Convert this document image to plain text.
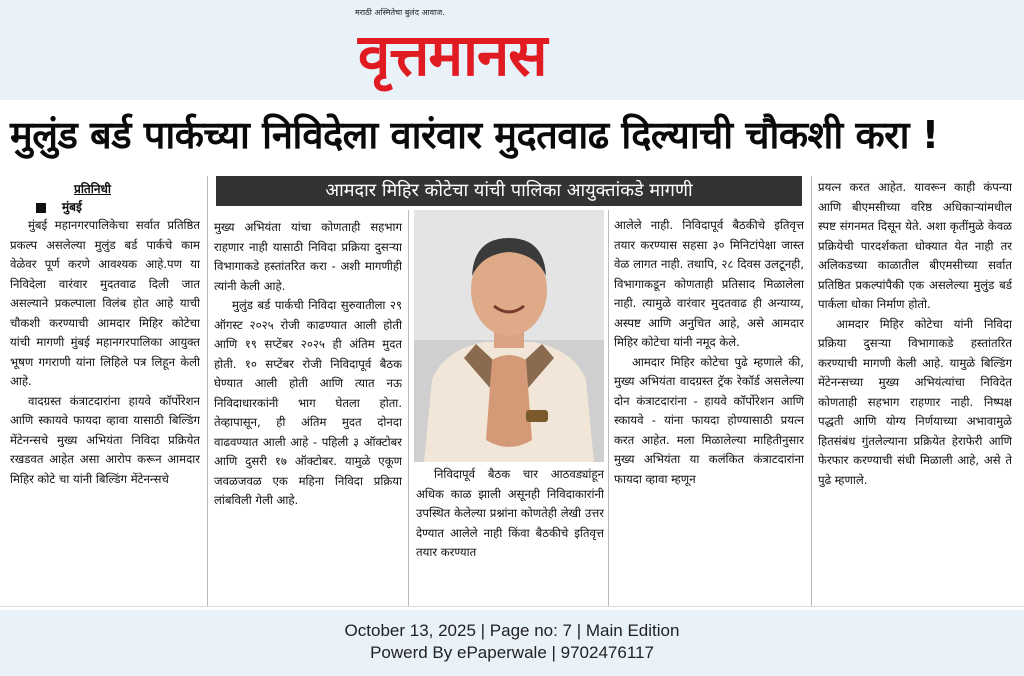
मराठी अस्मितेचा बुलंद आवाज.
वृत्तमानस
मुलुंड बर्ड पार्कच्या निविदेला वारंवार मुदतवाढ दिल्याची चौकशी करा !
आमदार मिहिर कोटेचा यांची पालिका आयुक्तांकडे मागणी
प्रतिनिधी
मुंबई

मुंबई महानगरपालिकेचा सर्वात प्रतिष्ठित प्रकल्प असलेल्या मुलुंड बर्ड पार्कचे काम वेळेवर पूर्ण करणे आवश्यक आहे.पण या निविदेला वारंवार मुदतवाढ दिली जात असल्याने प्रकल्पाला विलंब होत आहे याची चौकशी करण्याची आमदार मिहिर कोटेचा यांची मागणी मुंबई महानगरपालिका आयुक्त भूषण गगराणी यांना लिहिले पत्र लिहून केली आहे.

वादग्रस्त कंत्राटदारांना हायवे कॉर्पोरेशन आणि स्कायवे फायदा व्हावा यासाठी बिल्डिंग मेंटेनन्सचे मुख्य अभियंता निविदा प्रक्रियेत रखडवत आहेत असा आरोप करून आमदार मिहिर कोटे चा यांनी बिल्डिंग मेंटेनन्सचे

मुख्य अभियंता यांचा कोणताही सहभाग राहणार नाही यासाठी निविदा प्रक्रिया दुसऱ्या विभागाकडे हस्तांतरित करा - अशी मागणीही त्यांनी केली आहे.

मुलुंड बर्ड पार्कची निविदा सुरुवातीला २९ ऑगस्ट २०२५ रोजी काढण्यात आली होती आणि १९ सप्टेंबर २०२५ ही अंतिम मुदत होती. १० सप्टेंबर रोजी निविदापूर्व बैठक घेण्यात आली होती आणि त्यात नऊ निविदाधारकांनी भाग घेतला होता. तेव्हापासून, ही अंतिम मुदत दोनदा वाढवण्यात आली आहे - पहिली ३ ऑक्टोबर आणि दुसरी १७ ऑक्टोबर. यामुळे एकूण जवळजवळ एक महिना निविदा प्रक्रिया लांबविली गेली आहे.

निविदापूर्व बैठक चार आठवड्यांहून अधिक काळ झाली असूनही निविदाकारांनी उपस्थित केलेल्या प्रश्नांना कोणतेही लेखी उत्तर देण्यात आलेले नाही किंवा बैठकीचे इतिवृत्त तयार करण्यात

आलेले नाही. निविदापूर्व बैठकीचे इतिवृत्त तयार करण्यास सहसा ३० मिनिटांपेक्षा जास्त वेळ लागत नाही. तथापि, २८ दिवस उलटूनही, विभागाकडून कोणताही प्रतिसाद मिळालेला नाही. त्यामुळे वारंवार मुदतवाढ ही अन्याय्य, अस्पष्ट आणि अनुचित आहे, असे आमदार मिहिर कोटेचा यांनी नमूद केले.

आमदार मिहिर कोटेचा पुढे म्हणाले की, मुख्य अभियंता वादग्रस्त ट्रॅक रेकॉर्ड असलेल्या दोन कंत्राटदारांना - हायवे कॉर्पोरेशन आणि स्कायवे - यांना फायदा होण्यासाठी प्रयत्न करत आहेत. मला मिळालेल्या माहितीनुसार मुख्य अभियंता या कलंकित कंत्राटदारांना फायदा व्हावा म्हणून

प्रयत्न करत आहेत. यावरून काही कंपन्या आणि बीएमसीच्या वरिष्ठ अधिकाऱ्यांमधील स्पष्ट संगनमत दिसून येते. अशा कृतींमुळे केवळ प्रक्रियेची पारदर्शकता धोक्यात येत नाही तर अलिकडच्या काळातील बीएमसीच्या सर्वात प्रतिष्ठित प्रकल्पांपैकी एक असलेल्या मुलुंड बर्ड पार्कला धोका निर्माण होतो.

आमदार मिहिर कोटेचा यांनी निविदा प्रक्रिया दुसऱ्या विभागाकडे हस्तांतरित करण्याची मागणी केली आहे. यामुळे बिल्डिंग मेंटेनन्सच्या मुख्य अभियंत्यांचा निविदेत कोणताही सहभाग राहणार नाही. निष्पक्ष पद्धती आणि योग्य निर्णयाच्या अभावामुळे हितसंबंध गुंतलेल्याना प्रक्रियेत हेराफेरी आणि फेरफार करण्याची संधी मिळाली आहे, असे ते पुढे म्हणाले.

October 13, 2025 | Page no: 7 | Main Edition
Powerd By ePaperwale | 9702476117
